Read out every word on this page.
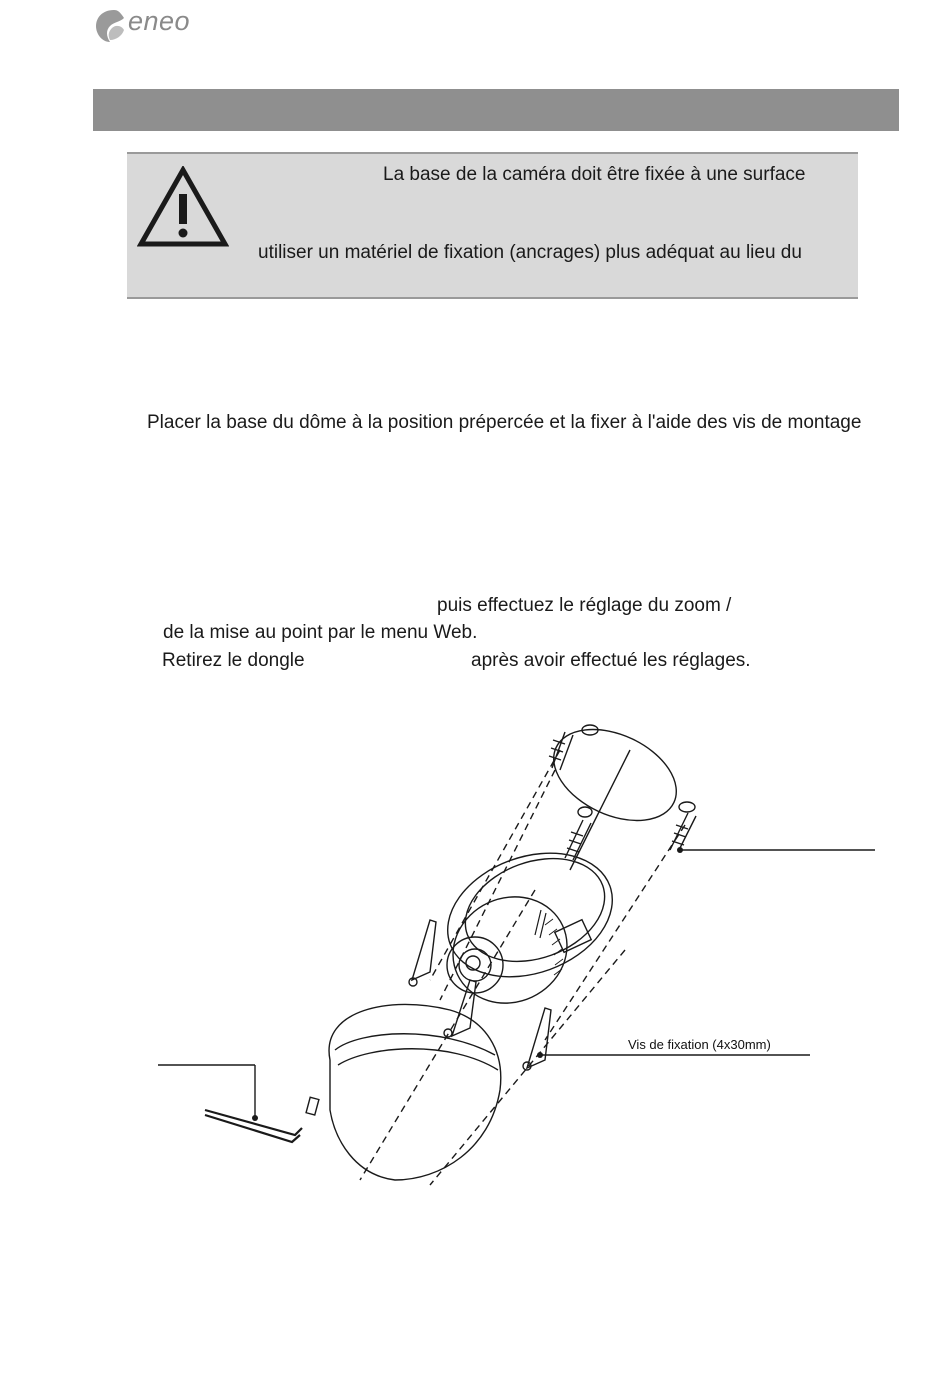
eneo
La base de la caméra doit être fixée à une surface
utiliser un matériel de fixation (ancrages) plus adéquat au lieu du
Placer la base du dôme à la position prépercée et la fixer à l'aide des vis de montage
puis effectuez le réglage du zoom /
de la mise au point par le menu Web.
Retirez le dongle	après avoir effectué les réglages.
Vis de fixation (4x30mm)
